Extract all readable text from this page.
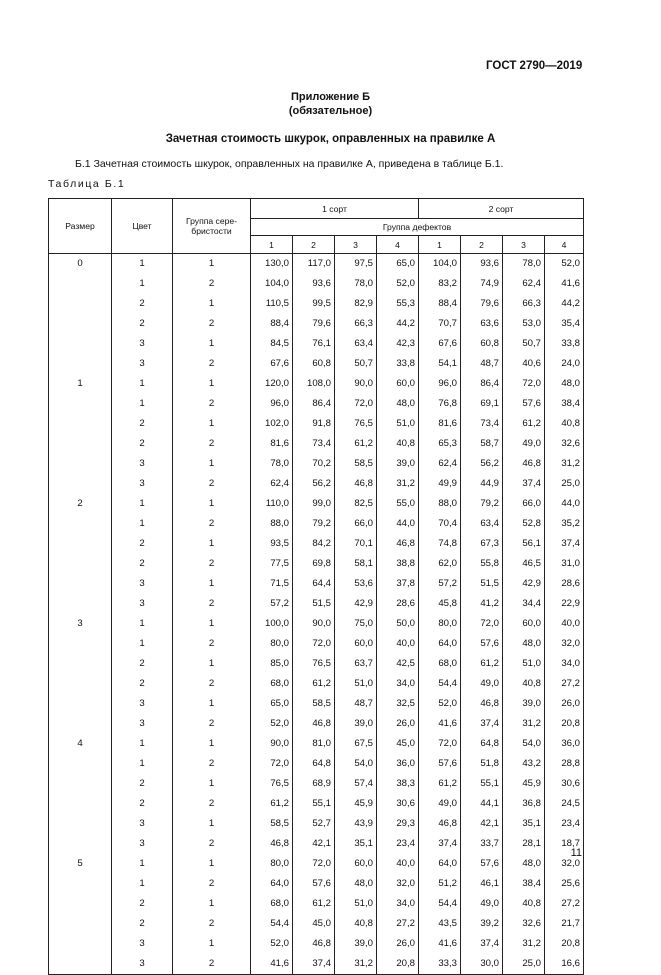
ГОСТ 2790—2019
Приложение Б
(обязательное)
Зачетная стоимость шкурок, оправленных на правилке А
Б.1 Зачетная стоимость шкурок, оправленных на правилке А, приведена в таблице Б.1.
Таблица Б.1
Размер	Цвет	Группа сере-бристости	1 сорт				2 сорт			
			Группа дефектов							
			1	2	3	4	1	2	3	4
0	1	1	130,0	117,0	97,5	65,0	104,0	93,6	78,0	52,0
	1	2	104,0	93,6	78,0	52,0	83,2	74,9	62,4	41,6
	2	1	110,5	99,5	82,9	55,3	88,4	79,6	66,3	44,2
	2	2	88,4	79,6	66,3	44,2	70,7	63,6	53,0	35,4
	3	1	84,5	76,1	63,4	42,3	67,6	60,8	50,7	33,8
	3	2	67,6	60,8	50,7	33,8	54,1	48,7	40,6	24,0
1	1	1	120,0	108,0	90,0	60,0	96,0	86,4	72,0	48,0
	1	2	96,0	86,4	72,0	48,0	76,8	69,1	57,6	38,4
	2	1	102,0	91,8	76,5	51,0	81,6	73,4	61,2	40,8
	2	2	81,6	73,4	61,2	40,8	65,3	58,7	49,0	32,6
	3	1	78,0	70,2	58,5	39,0	62,4	56,2	46,8	31,2
	3	2	62,4	56,2	46,8	31,2	49,9	44,9	37,4	25,0
2	1	1	110,0	99,0	82,5	55,0	88,0	79,2	66,0	44,0
	1	2	88,0	79,2	66,0	44,0	70,4	63,4	52,8	35,2
	2	1	93,5	84,2	70,1	46,8	74,8	67,3	56,1	37,4
	2	2	77,5	69,8	58,1	38,8	62,0	55,8	46,5	31,0
	3	1	71,5	64,4	53,6	37,8	57,2	51,5	42,9	28,6
	3	2	57,2	51,5	42,9	28,6	45,8	41,2	34,4	22,9
3	1	1	100,0	90,0	75,0	50,0	80,0	72,0	60,0	40,0
	1	2	80,0	72,0	60,0	40,0	64,0	57,6	48,0	32,0
	2	1	85,0	76,5	63,7	42,5	68,0	61,2	51,0	34,0
	2	2	68,0	61,2	51,0	34,0	54,4	49,0	40,8	27,2
	3	1	65,0	58,5	48,7	32,5	52,0	46,8	39,0	26,0
	3	2	52,0	46,8	39,0	26,0	41,6	37,4	31,2	20,8
4	1	1	90,0	81,0	67,5	45,0	72,0	64,8	54,0	36,0
	1	2	72,0	64,8	54,0	36,0	57,6	51,8	43,2	28,8
	2	1	76,5	68,9	57,4	38,3	61,2	55,1	45,9	30,6
	2	2	61,2	55,1	45,9	30,6	49,0	44,1	36,8	24,5
	3	1	58,5	52,7	43,9	29,3	46,8	42,1	35,1	23,4
	3	2	46,8	42,1	35,1	23,4	37,4	33,7	28,1	18,7
5	1	1	80,0	72,0	60,0	40,0	64,0	57,6	48,0	32,0
	1	2	64,0	57,6	48,0	32,0	51,2	46,1	38,4	25,6
	2	1	68,0	61,2	51,0	34,0	54,4	49,0	40,8	27,2
	2	2	54,4	45,0	40,8	27,2	43,5	39,2	32,6	21,7
	3	1	52,0	46,8	39,0	26,0	41,6	37,4	31,2	20,8
	3	2	41,6	37,4	31,2	20,8	33,3	30,0	25,0	16,6
11
